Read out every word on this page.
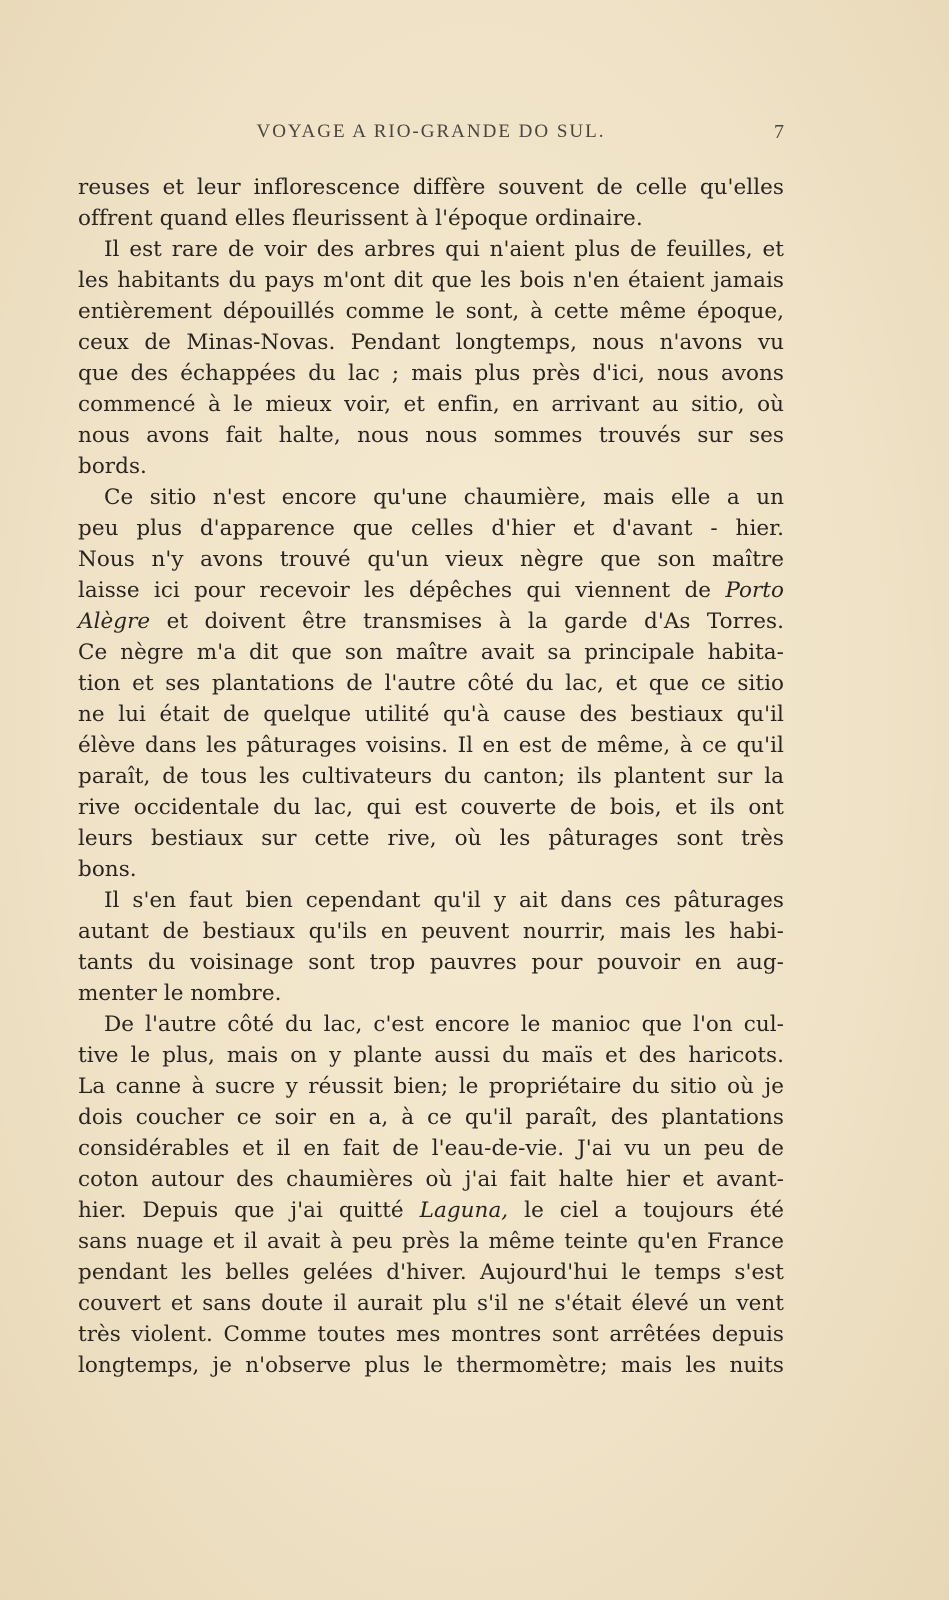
VOYAGE A RIO-GRANDE DO SUL.	7
reuses et leur inflorescence diffère souvent de celle qu'elles
offrent quand elles fleurissent à l'époque ordinaire.
Il est rare de voir des arbres qui n'aient plus de feuilles, et
les habitants du pays m'ont dit que les bois n'en étaient jamais
entièrement dépouillés comme le sont, à cette même époque,
ceux de Minas-Novas. Pendant longtemps, nous n'avons vu
que des échappées du lac ; mais plus près d'ici, nous avons
commencé à le mieux voir, et enfin, en arrivant au sitio, où
nous avons fait halte, nous nous sommes trouvés sur ses
bords.
Ce sitio n'est encore qu'une chaumière, mais elle a un
peu plus d'apparence que celles d'hier et d'avant - hier.
Nous n'y avons trouvé qu'un vieux nègre que son maître
laisse ici pour recevoir les dépêches qui viennent de Porto
Alègre et doivent être transmises à la garde d'As Torres.
Ce nègre m'a dit que son maître avait sa principale habita-
tion et ses plantations de l'autre côté du lac, et que ce sitio
ne lui était de quelque utilité qu'à cause des bestiaux qu'il
élève dans les pâturages voisins. Il en est de même, à ce qu'il
paraît, de tous les cultivateurs du canton; ils plantent sur la
rive occidentale du lac, qui est couverte de bois, et ils ont
leurs bestiaux sur cette rive, où les pâturages sont très
bons.
Il s'en faut bien cependant qu'il y ait dans ces pâturages
autant de bestiaux qu'ils en peuvent nourrir, mais les habi-
tants du voisinage sont trop pauvres pour pouvoir en aug-
menter le nombre.
De l'autre côté du lac, c'est encore le manioc que l'on cul-
tive le plus, mais on y plante aussi du maïs et des haricots.
La canne à sucre y réussit bien; le propriétaire du sitio où je
dois coucher ce soir en a, à ce qu'il paraît, des plantations
considérables et il en fait de l'eau-de-vie. J'ai vu un peu de
coton autour des chaumières où j'ai fait halte hier et avant-
hier. Depuis que j'ai quitté Laguna, le ciel a toujours été
sans nuage et il avait à peu près la même teinte qu'en France
pendant les belles gelées d'hiver. Aujourd'hui le temps s'est
couvert et sans doute il aurait plu s'il ne s'était élevé un vent
très violent. Comme toutes mes montres sont arrêtées depuis
longtemps, je n'observe plus le thermomètre; mais les nuits
